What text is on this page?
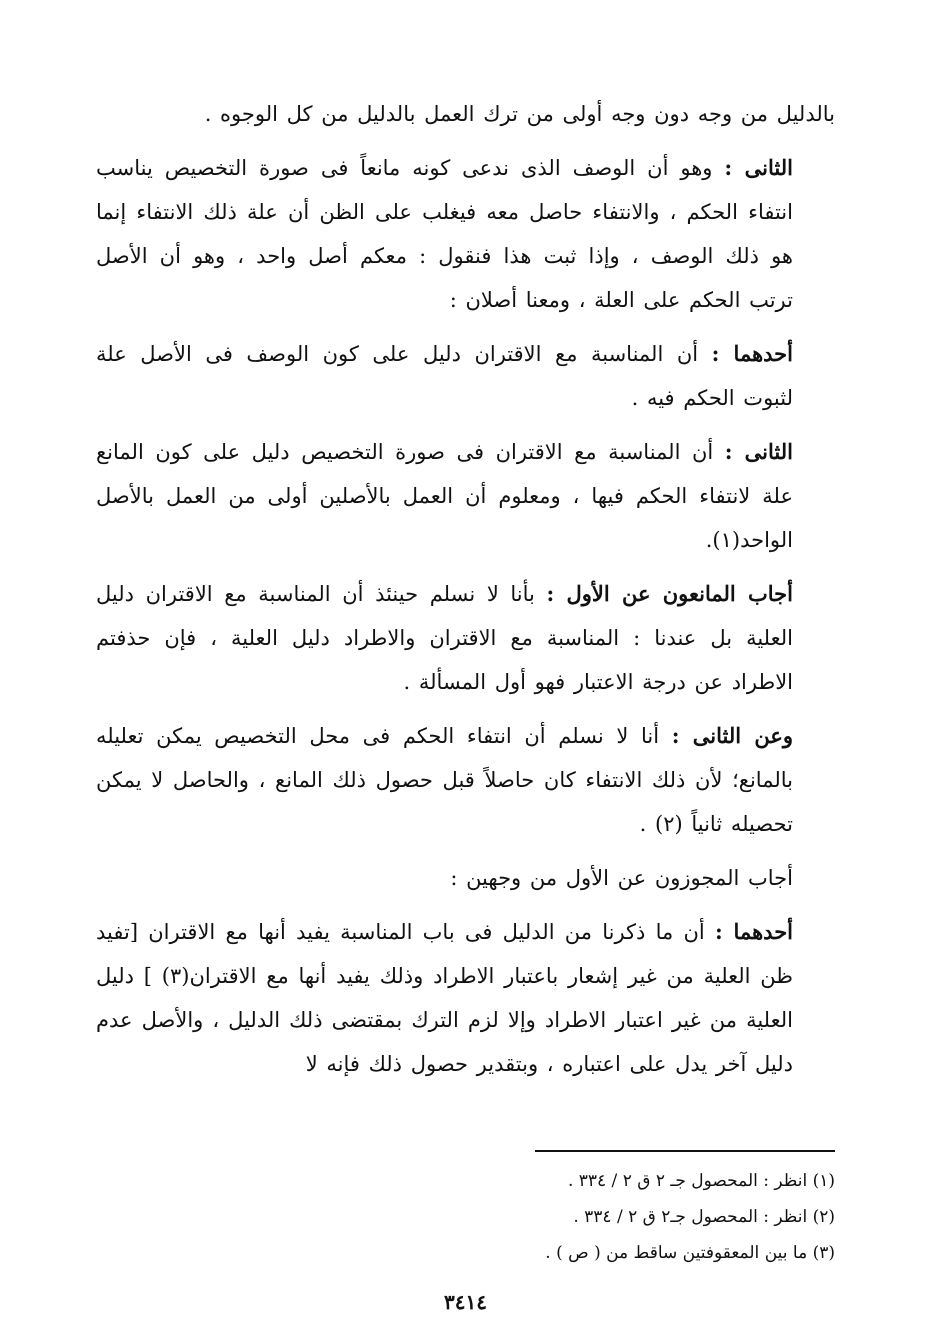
بالدليل من وجه دون وجه أولى من ترك العمل بالدليل من كل الوجوه .

الثانى : وهو أن الوصف الذى ندعى كونه مانعاً فى صورة التخصيص يناسب انتفاء الحكم ، والانتفاء حاصل معه فيغلب على الظن أن علة ذلك الانتفاء إنما هو ذلك الوصف ، وإذا ثبت هذا فنقول : معكم أصل واحد ، وهو أن الأصل ترتب الحكم على العلة ، ومعنا أصلان :

أحدهما : أن المناسبة مع الاقتران دليل على كون الوصف فى الأصل علة لثبوت الحكم فيه .

الثانى : أن المناسبة مع الاقتران فى صورة التخصيص دليل على كون المانع علة لانتفاء الحكم فيها ، ومعلوم أن العمل بالأصلين أولى من العمل بالأصل الواحد(١).

أجاب المانعون عن الأول : بأنا لا نسلم حينئذ أن المناسبة مع الاقتران دليل العلية بل عندنا : المناسبة مع الاقتران والاطراد دليل العلية ، فإن حذفتم الاطراد عن درجة الاعتبار فهو أول المسألة .

وعن الثانى : أنا لا نسلم أن انتفاء الحكم فى محل التخصيص يمكن تعليله بالمانع؛ لأن ذلك الانتفاء كان حاصلاً قبل حصول ذلك المانع ، والحاصل لا يمكن تحصيله ثانياً (٢) .

أجاب المجوزون عن الأول من وجهين :

أحدهما : أن ما ذكرنا من الدليل فى باب المناسبة يفيد أنها مع الاقتران [تفيد ظن العلية من غير إشعار باعتبار الاطراد وذلك يفيد أنها مع الاقتران(٣) ] دليل العلية من غير اعتبار الاطراد وإلا لزم الترك بمقتضى ذلك الدليل ، والأصل عدم دليل آخر يدل على اعتباره ، وبتقدير حصول ذلك فإنه لا

(١) انظر : المحصول جـ ٢ ق ٢ / ٣٣٤ .

(٢) انظر : المحصول جـ٢ ق ٢ / ٣٣٤ .

(٣) ما بين المعقوفتين ساقط من ( ص ) .

٣٤١٤
